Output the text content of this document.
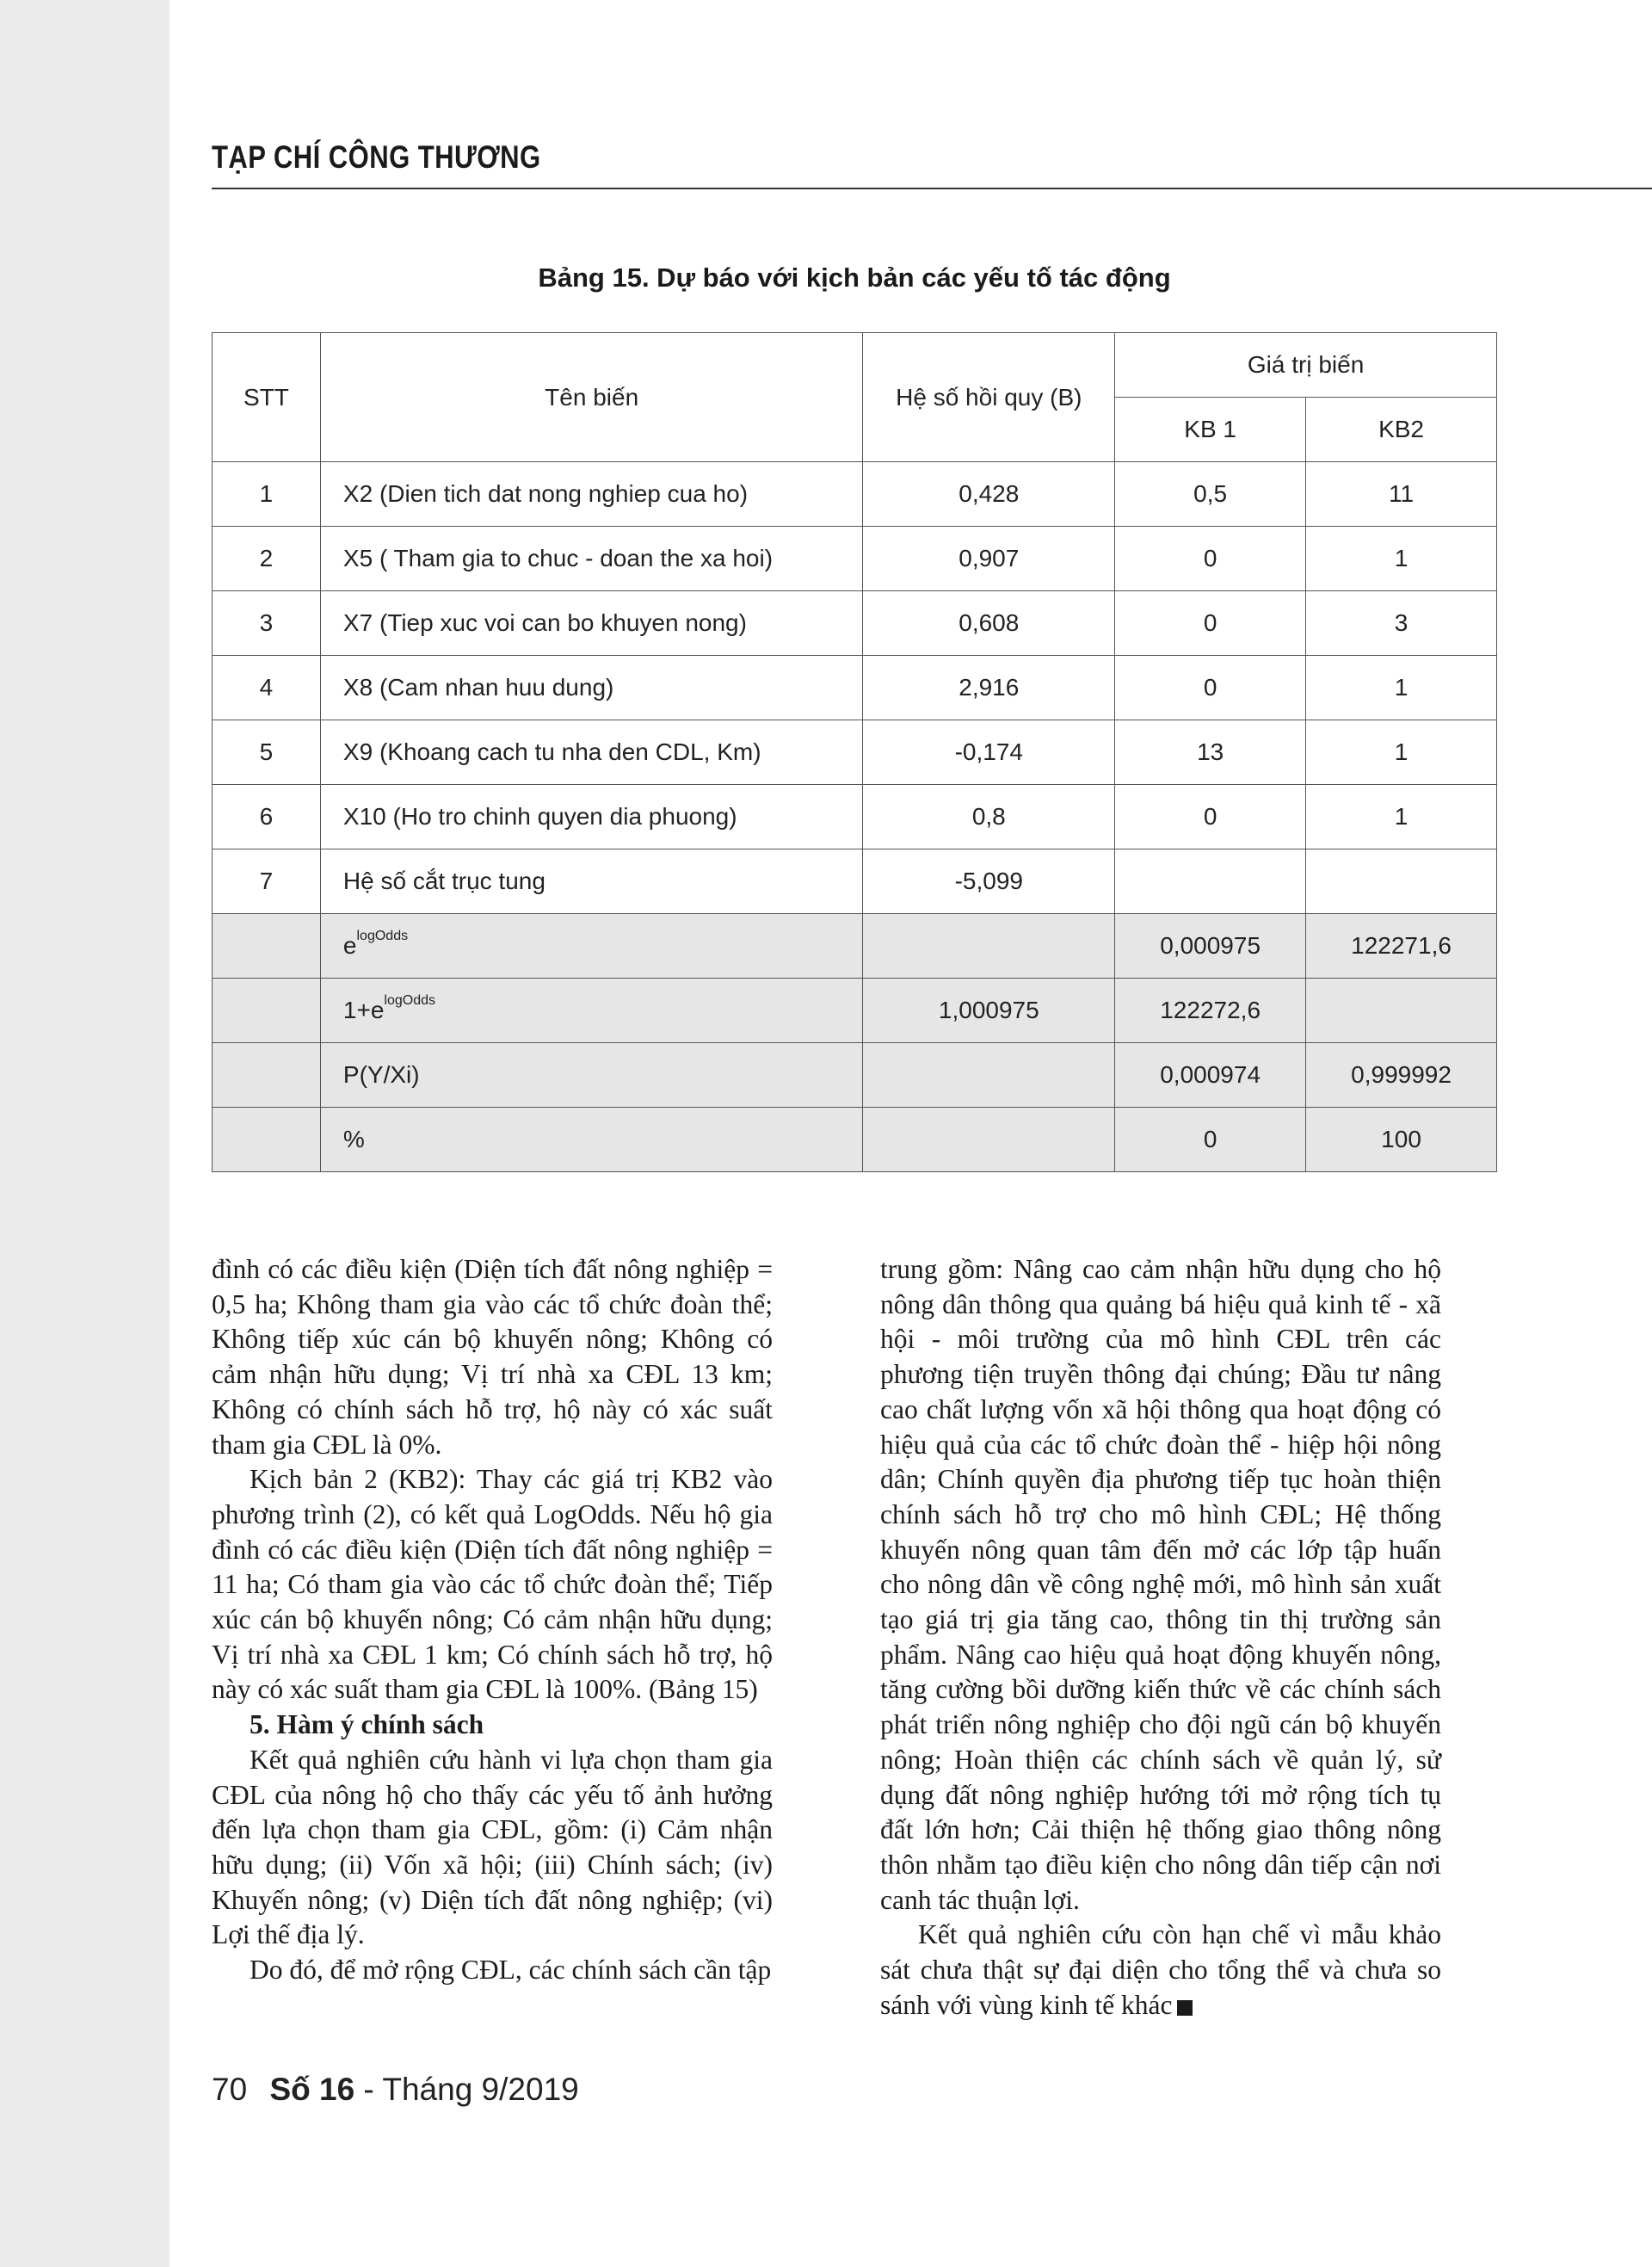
TẠP CHÍ CÔNG THƯƠNG
Bảng 15. Dự báo với kịch bản các yếu tố tác động
STT	Tên biến	Hệ số hồi quy (B)	Giá trị biến	
			KB 1	KB2
1	X2 (Dien tich dat nong nghiep cua ho)	0,428	0,5	11
2	X5 ( Tham gia to chuc - doan the xa hoi)	0,907	0	1
3	X7 (Tiep xuc voi can bo khuyen nong)	0,608	0	3
4	X8 (Cam nhan huu dung)	2,916	0	1
5	X9 (Khoang cach tu nha den CDL, Km)	-0,174	13	1
6	X10 (Ho tro chinh quyen dia phuong)	0,8	0	1
7	Hệ số cắt trục tung	-5,099		
	$e^{logOdds}$		0,000975	122271,6
	$1+e^{logOdds}$	1,000975	122272,6	
	P(Y/Xi)		0,000974	0,999992
	%		0	100

đình có các điều kiện (Diện tích đất nông nghiệp = 0,5 ha; Không tham gia vào các tổ chức đoàn thể; Không tiếp xúc cán bộ khuyến nông; Không có cảm nhận hữu dụng; Vị trí nhà xa CĐL 13 km; Không có chính sách hỗ trợ, hộ này có xác suất tham gia CĐL là 0%.

Kịch bản 2 (KB2): Thay các giá trị KB2 vào phương trình (2), có kết quả LogOdds. Nếu hộ gia đình có các điều kiện (Diện tích đất nông nghiệp = 11 ha; Có tham gia vào các tổ chức đoàn thể; Tiếp xúc cán bộ khuyến nông; Có cảm nhận hữu dụng; Vị trí nhà xa CĐL 1 km; Có chính sách hỗ trợ, hộ này có xác suất tham gia CĐL là 100%. (Bảng 15)

5. Hàm ý chính sách

Kết quả nghiên cứu hành vi lựa chọn tham gia CĐL của nông hộ cho thấy các yếu tố ảnh hưởng đến lựa chọn tham gia CĐL, gồm: (i) Cảm nhận hữu dụng; (ii) Vốn xã hội; (iii) Chính sách; (iv) Khuyến nông; (v) Diện tích đất nông nghiệp; (vi) Lợi thế địa lý.

Do đó, để mở rộng CĐL, các chính sách cần tập

trung gồm: Nâng cao cảm nhận hữu dụng cho hộ nông dân thông qua quảng bá hiệu quả kinh tế - xã hội - môi trường của mô hình CĐL trên các phương tiện truyền thông đại chúng; Đầu tư nâng cao chất lượng vốn xã hội thông qua hoạt động có hiệu quả của các tổ chức đoàn thể - hiệp hội nông dân; Chính quyền địa phương tiếp tục hoàn thiện chính sách hỗ trợ cho mô hình CĐL; Hệ thống khuyến nông quan tâm đến mở các lớp tập huấn cho nông dân về công nghệ mới, mô hình sản xuất tạo giá trị gia tăng cao, thông tin thị trường sản phẩm. Nâng cao hiệu quả hoạt động khuyến nông, tăng cường bồi dưỡng kiến thức về các chính sách phát triển nông nghiệp cho đội ngũ cán bộ khuyến nông; Hoàn thiện các chính sách về quản lý, sử dụng đất nông nghiệp hướng tới mở rộng tích tụ đất lớn hơn; Cải thiện hệ thống giao thông nông thôn nhằm tạo điều kiện cho nông dân tiếp cận nơi canh tác thuận lợi.

Kết quả nghiên cứu còn hạn chế vì mẫu khảo sát chưa thật sự đại diện cho tổng thể và chưa so sánh với vùng kinh tế khác

70 Số 16 - Tháng 9/2019
